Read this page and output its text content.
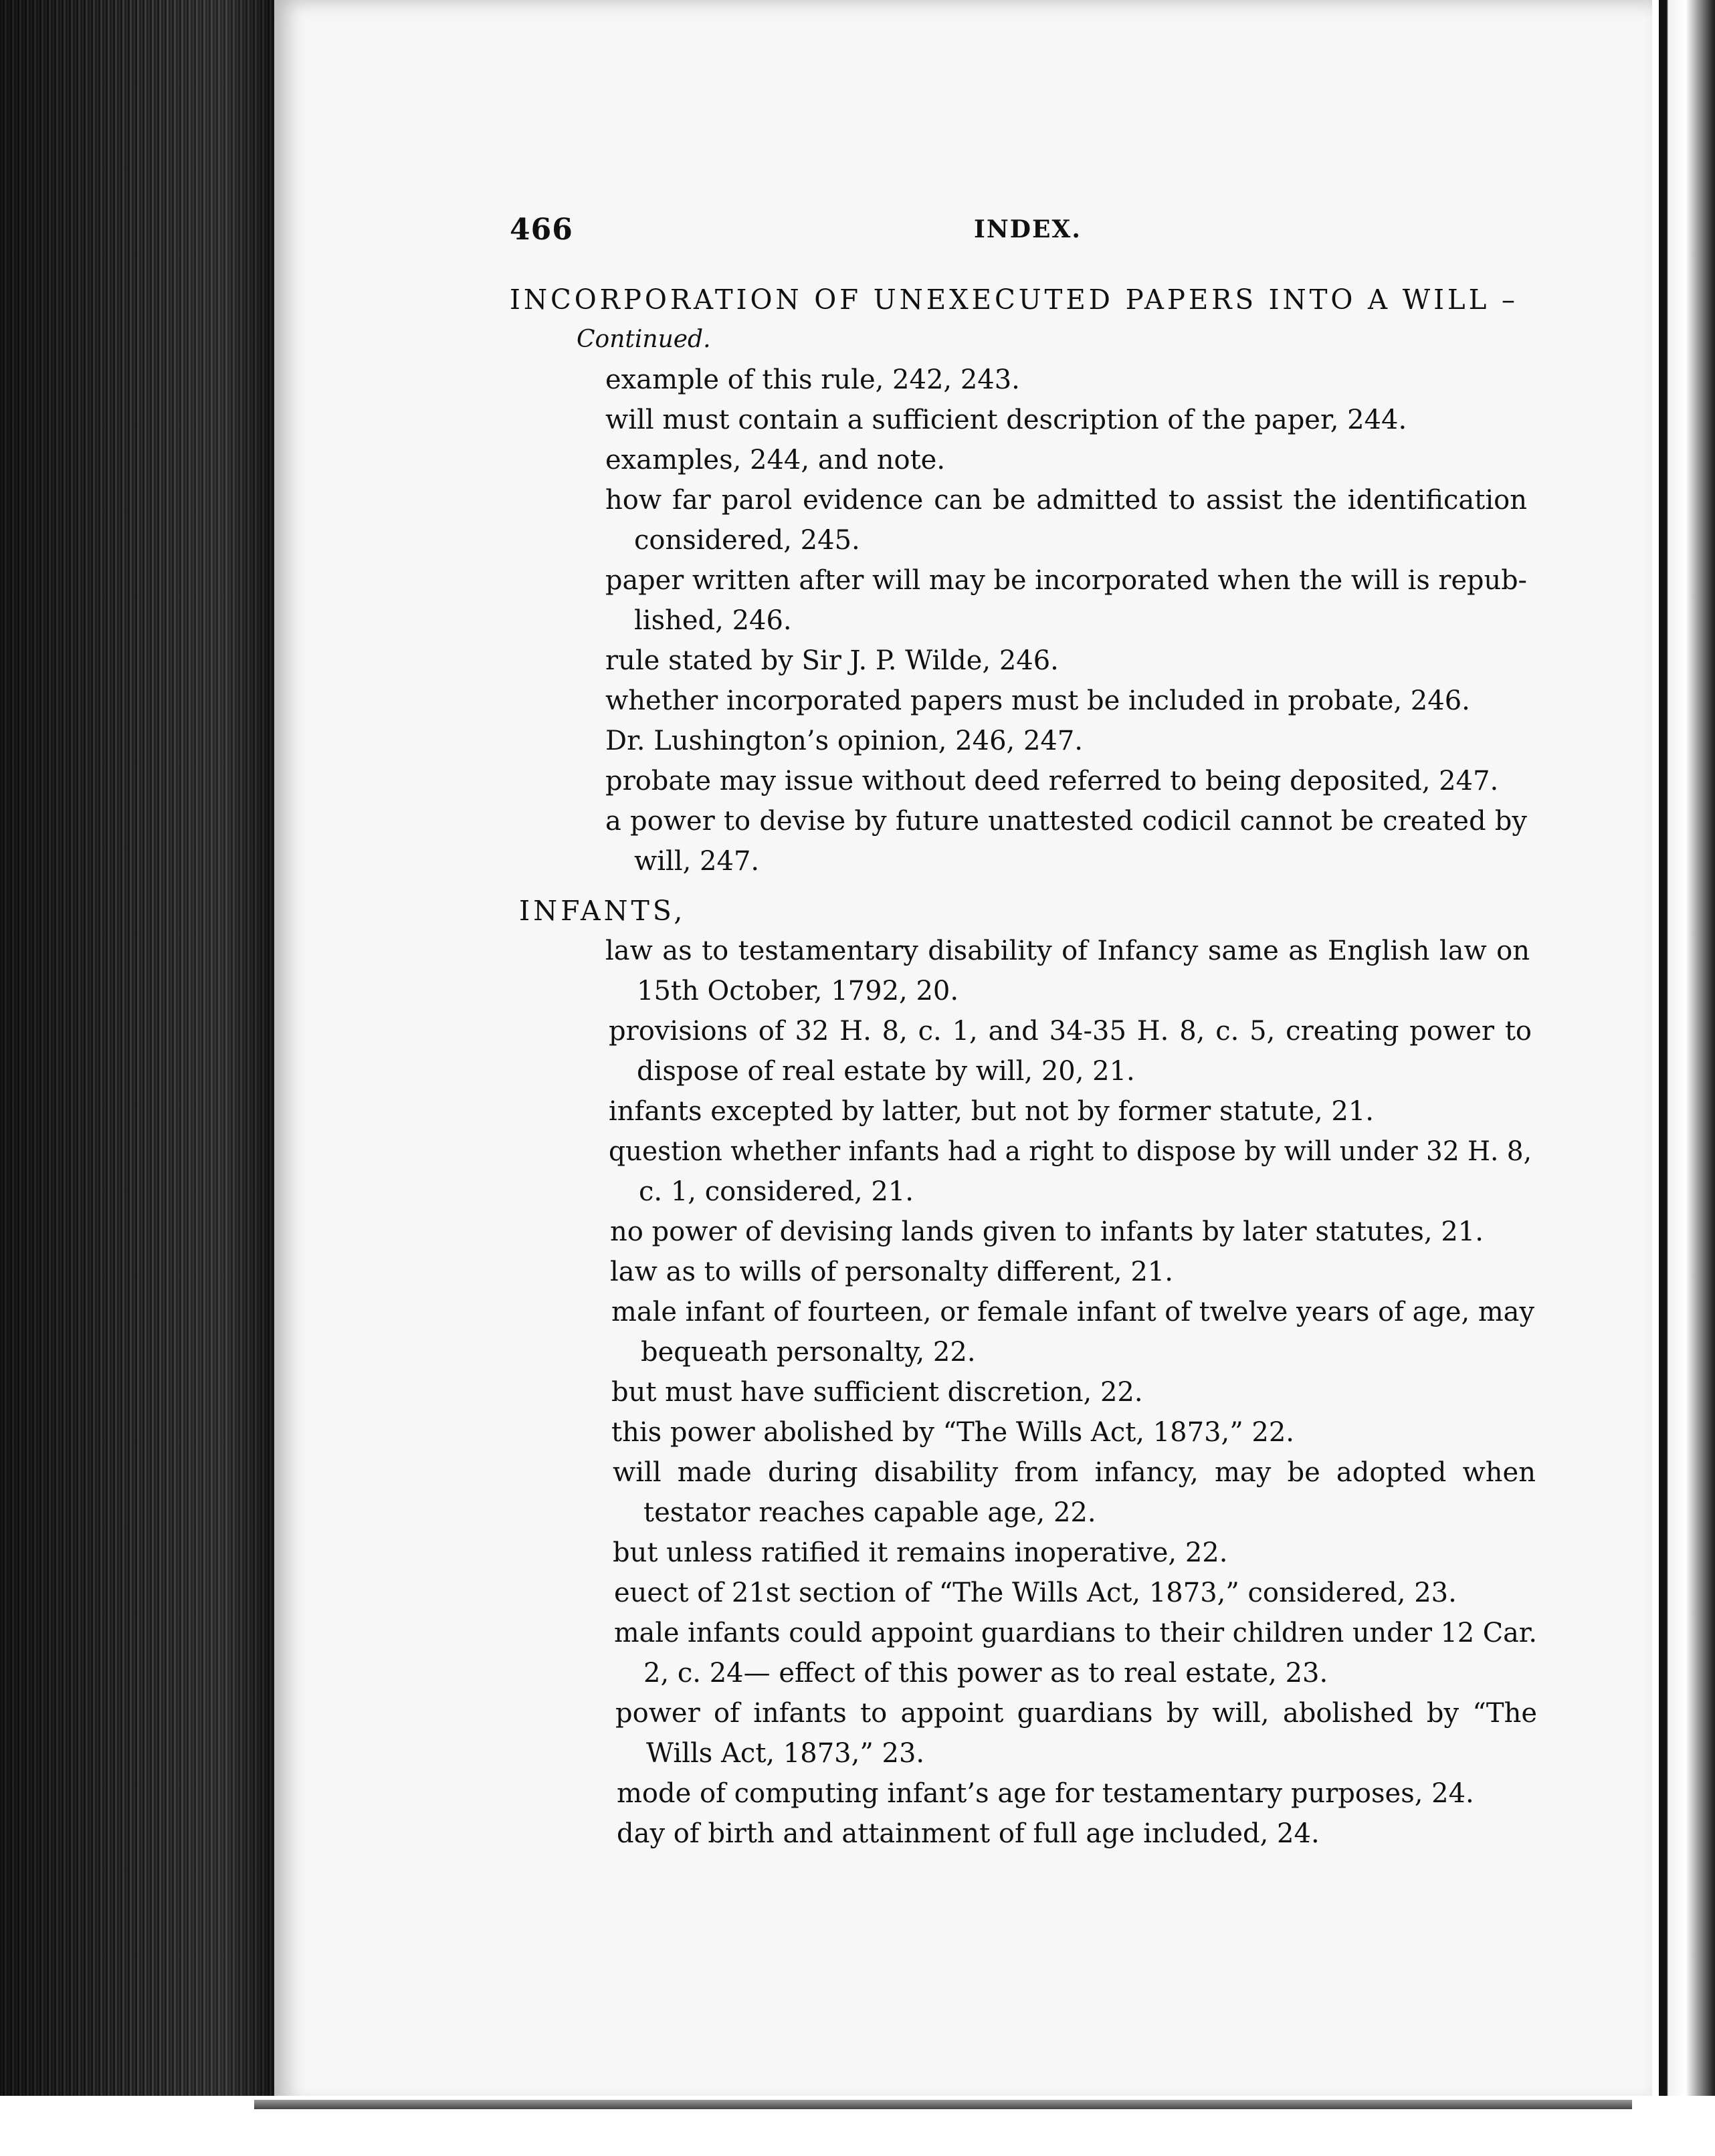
466	INDEX.
INCORPORATION OF UNEXECUTED PAPERS INTO A WILL –
Continued.
example of this rule, 242, 243.
will must contain a sufficient description of the paper, 244.
examples, 244, and note.
how far parol evidence can be admitted to assist the identification
considered, 245.
paper written after will may be incorporated when the will is repub-
lished, 246.
rule stated by Sir J. P. Wilde, 246.
whether incorporated papers must be included in probate, 246.
Dr. Lushington’s opinion, 246, 247.
probate may issue without deed referred to being deposited, 247.
a power to devise by future unattested codicil cannot be created by
will, 247.
INFANTS,
law as to testamentary disability of Infancy same as English law on
15th October, 1792, 20.
provisions of 32 H. 8, c. 1, and 34-35 H. 8, c. 5, creating power to
dispose of real estate by will, 20, 21.
infants excepted by latter, but not by former statute, 21.
question whether infants had a right to dispose by will under 32 H. 8,
c. 1, considered, 21.
no power of devising lands given to infants by later statutes, 21.
law as to wills of personalty different, 21.
male infant of fourteen, or female infant of twelve years of age, may
bequeath personalty, 22.
but must have sufficient discretion, 22.
this power abolished by “The Wills Act, 1873,” 22.
will made during disability from infancy, may be adopted when
testator reaches capable age, 22.
but unless ratified it remains inoperative, 22.
euect of 21st section of “The Wills Act, 1873,” considered, 23.
male infants could appoint guardians to their children under 12 Car.
2, c. 24— effect of this power as to real estate, 23.
power of infants to appoint guardians by will, abolished by “The
Wills Act, 1873,” 23.
mode of computing infant’s age for testamentary purposes, 24.
day of birth and attainment of full age included, 24.
